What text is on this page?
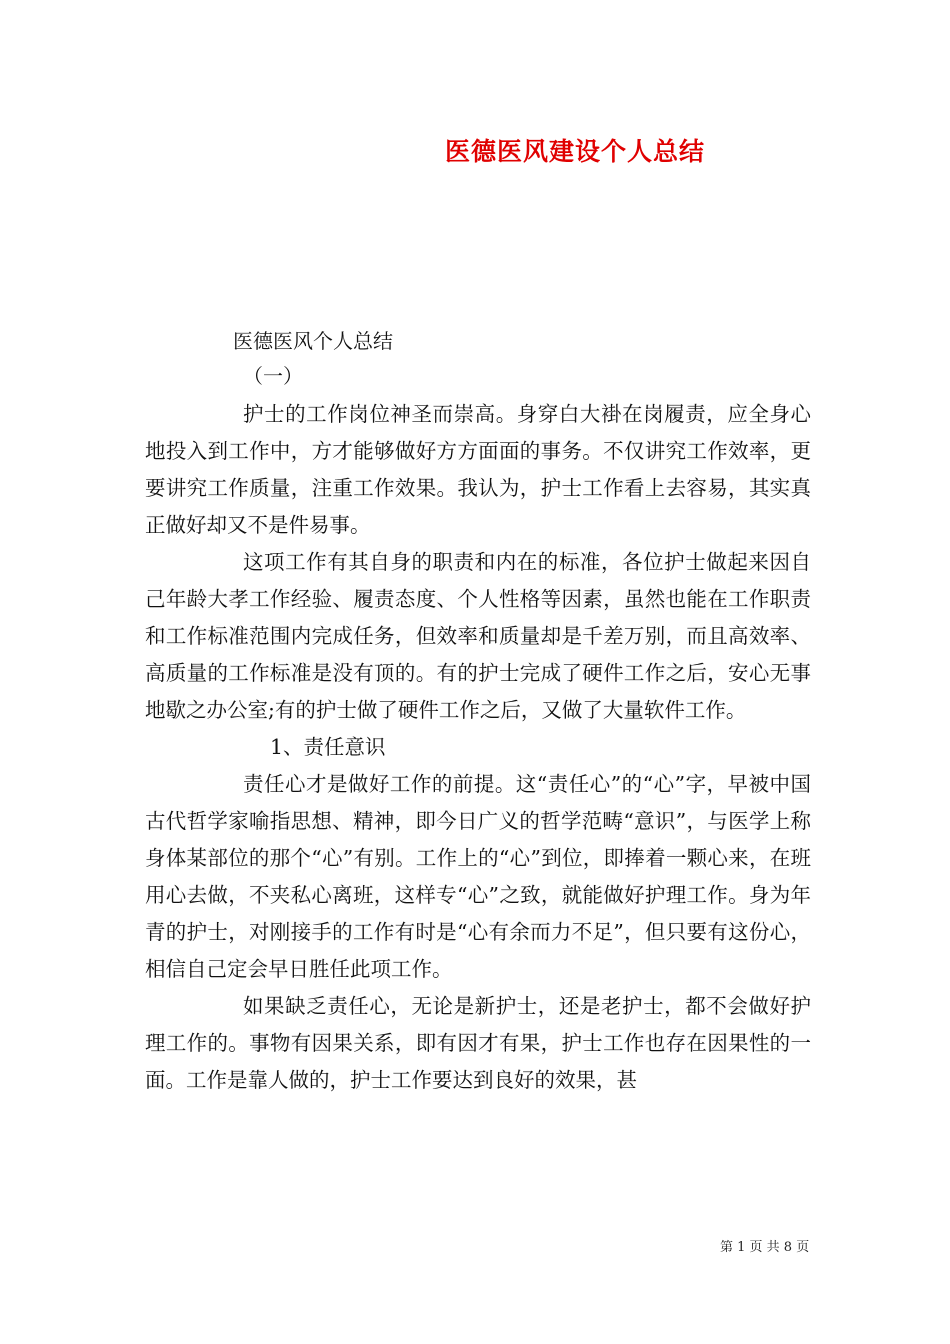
医德医风建设个人总结
医德医风个人总结
（一）

护士的工作岗位神圣而崇高。身穿白大褂在岗履责，应全身心地投入到工作中，方才能够做好方方面面的事务。不仅讲究工作效率，更要讲究工作质量，注重工作效果。我认为，护士工作看上去容易，其实真正做好却又不是件易事。

这项工作有其自身的职责和内在的标准，各位护士做起来因自己年龄大孝工作经验、履责态度、个人性格等因素，虽然也能在工作职责和工作标准范围内完成任务，但效率和质量却是千差万别，而且高效率、高质量的工作标准是没有顶的。有的护士完成了硬件工作之后，安心无事地歇之办公室;有的护士做了硬件工作之后，又做了大量软件工作。

1、责任意识

责任心才是做好工作的前提。这“责任心”的“心”字，早被中国古代哲学家喻指思想、精神，即今日广义的哲学范畴“意识”，与医学上称身体某部位的那个“心”有别。工作上的“心”到位，即捧着一颗心来，在班用心去做，不夹私心离班，这样专“心”之致，就能做好护理工作。身为年青的护士，对刚接手的工作有时是“心有余而力不足”，但只要有这份心，相信自己定会早日胜任此项工作。

如果缺乏责任心，无论是新护士，还是老护士，都不会做好护理工作的。事物有因果关系，即有因才有果，护士工作也存在因果性的一面。工作是靠人做的，护士工作要达到良好的效果，甚

第 1 页 共 8 页
